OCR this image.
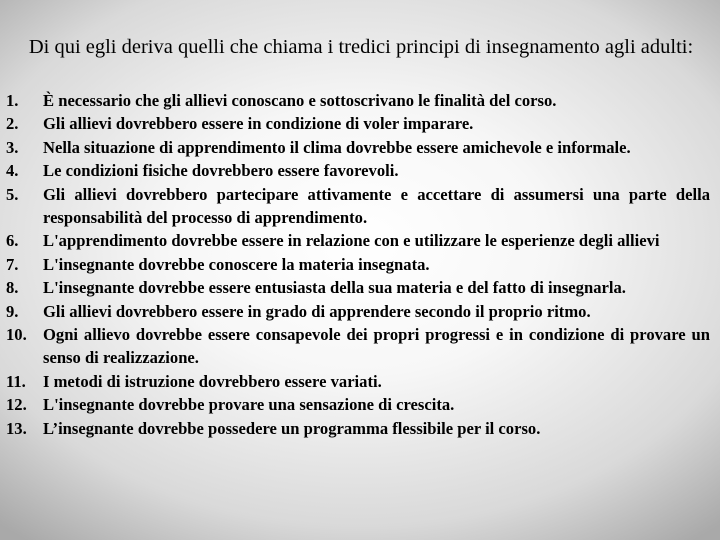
Di qui egli deriva quelli che chiama i tredici principi di insegnamento agli adulti:
1.	È necessario che gli allievi conoscano e sottoscrivano le finalità del corso.
2.	Gli allievi dovrebbero essere in condizione di voler imparare.
3.	Nella situazione di apprendimento il clima dovrebbe essere amichevole e informale.
4.	Le condizioni fisiche dovrebbero essere favorevoli.
5.	Gli allievi dovrebbero partecipare attivamente e accettare di assumersi una parte della responsabilità del processo di apprendimento.
6.	L'apprendimento dovrebbe essere in relazione con e utilizzare le esperienze degli allievi
7.	L'insegnante dovrebbe conoscere la materia insegnata.
8.	L'insegnante dovrebbe essere entusiasta della sua materia e del fatto di insegnarla.
9.	Gli allievi dovrebbero essere in grado di apprendere secondo il proprio ritmo.
10. Ogni allievo dovrebbe essere consapevole dei propri progressi e in condizione di provare un senso di realizzazione.
11.	I metodi di istruzione dovrebbero essere variati.
12. L'insegnante dovrebbe provare una sensazione di crescita.
13. L’insegnante dovrebbe possedere un programma flessibile per il corso.
